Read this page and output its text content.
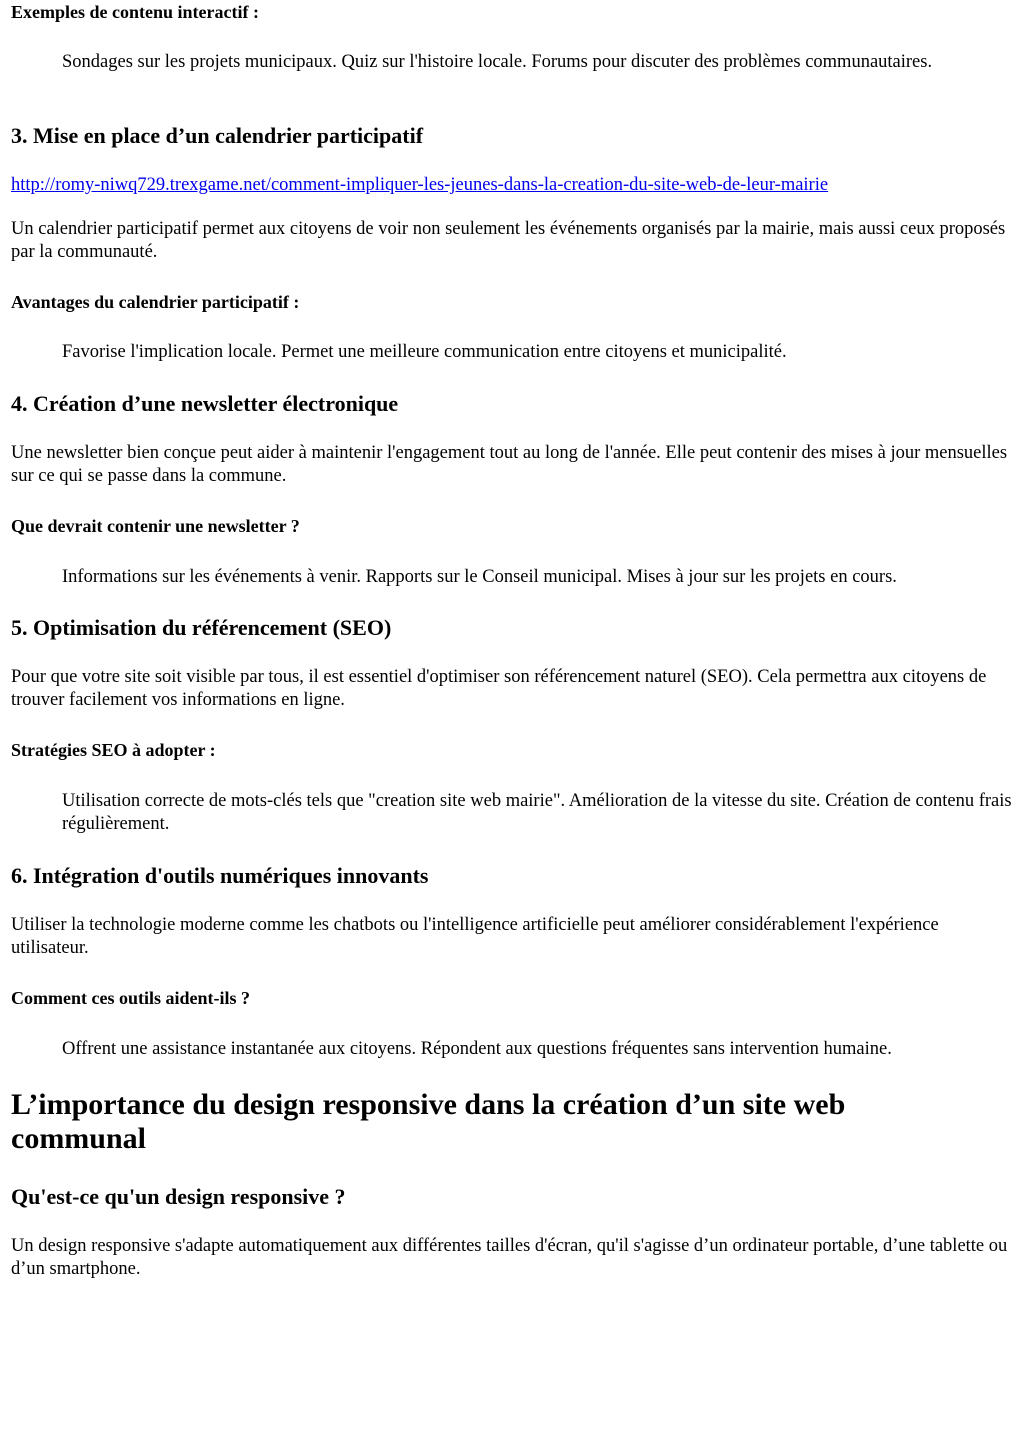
Exemples de contenu interactif :
Sondages sur les projets municipaux. Quiz sur l'histoire locale. Forums pour discuter des problèmes communautaires.
3. Mise en place d’un calendrier participatif
http://romy-niwq729.trexgame.net/comment-impliquer-les-jeunes-dans-la-creation-du-site-web-de-leur-mairie
Un calendrier participatif permet aux citoyens de voir non seulement les événements organisés par la mairie, mais aussi ceux proposés par la communauté.
Avantages du calendrier participatif :
Favorise l'implication locale. Permet une meilleure communication entre citoyens et municipalité.
4. Création d’une newsletter électronique
Une newsletter bien conçue peut aider à maintenir l'engagement tout au long de l'année. Elle peut contenir des mises à jour mensuelles sur ce qui se passe dans la commune.
Que devrait contenir une newsletter ?
Informations sur les événements à venir. Rapports sur le Conseil municipal. Mises à jour sur les projets en cours.
5. Optimisation du référencement (SEO)
Pour que votre site soit visible par tous, il est essentiel d'optimiser son référencement naturel (SEO). Cela permettra aux citoyens de trouver facilement vos informations en ligne.
Stratégies SEO à adopter :
Utilisation correcte de mots-clés tels que "creation site web mairie". Amélioration de la vitesse du site. Création de contenu frais régulièrement.
6. Intégration d'outils numériques innovants
Utiliser la technologie moderne comme les chatbots ou l'intelligence artificielle peut améliorer considérablement l'expérience utilisateur.
Comment ces outils aident-ils ?
Offrent une assistance instantanée aux citoyens. Répondent aux questions fréquentes sans intervention humaine.
L’importance du design responsive dans la création d’un site web communal
Qu'est-ce qu'un design responsive ?
Un design responsive s'adapte automatiquement aux différentes tailles d'écran, qu'il s'agisse d’un ordinateur portable, d’une tablette ou d’un smartphone.
